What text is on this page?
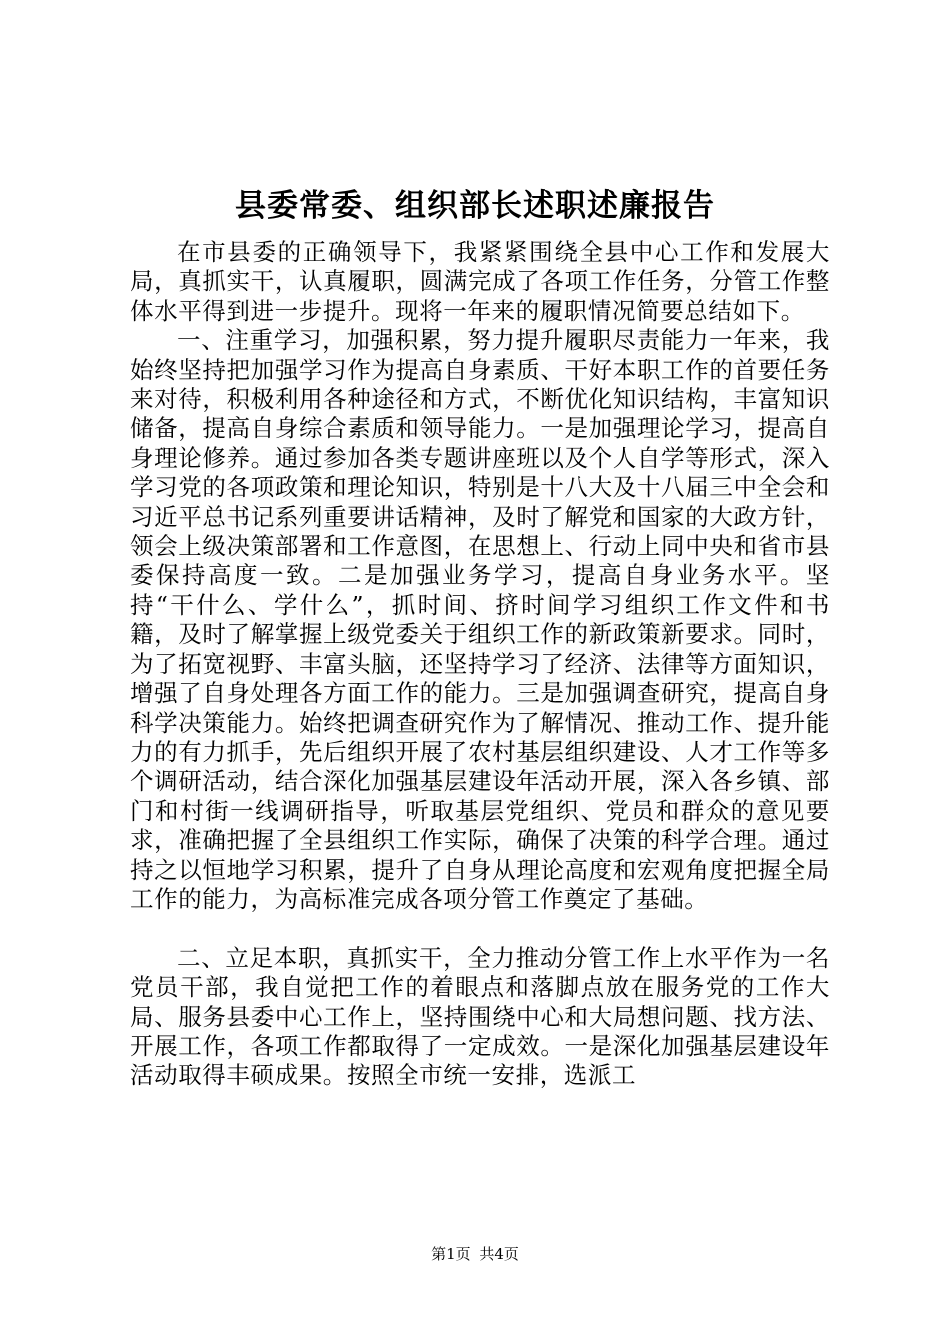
县委常委、组织部长述职述廉报告

在市县委的正确领导下，我紧紧围绕全县中心工作和发展大局，真抓实干，认真履职，圆满完成了各项工作任务，分管工作整体水平得到进一步提升。现将一年来的履职情况简要总结如下。

一、注重学习，加强积累，努力提升履职尽责能力一年来，我始终坚持把加强学习作为提高自身素质、干好本职工作的首要任务来对待，积极利用各种途径和方式，不断优化知识结构，丰富知识储备，提高自身综合素质和领导能力。一是加强理论学习，提高自身理论修养。通过参加各类专题讲座班以及个人自学等形式，深入学习党的各项政策和理论知识，特别是十八大及十八届三中全会和习近平总书记系列重要讲话精神，及时了解党和国家的大政方针，领会上级决策部署和工作意图，在思想上、行动上同中央和省市县委保持高度一致。二是加强业务学习，提高自身业务水平。坚持“干什么、学什么”，抓时间、挤时间学习组织工作文件和书籍，及时了解掌握上级党委关于组织工作的新政策新要求。同时，为了拓宽视野、丰富头脑，还坚持学习了经济、法律等方面知识，增强了自身处理各方面工作的能力。三是加强调查研究，提高自身科学决策能力。始终把调查研究作为了解情况、推动工作、提升能力的有力抓手，先后组织开展了农村基层组织建设、人才工作等多个调研活动，结合深化加强基层建设年活动开展，深入各乡镇、部门和村街一线调研指导，听取基层党组织、党员和群众的意见要求，准确把握了全县组织工作实际，确保了决策的科学合理。通过持之以恒地学习积累，提升了自身从理论高度和宏观角度把握全局工作的能力，为高标准完成各项分管工作奠定了基础。

二、立足本职，真抓实干，全力推动分管工作上水平作为一名党员干部，我自觉把工作的着眼点和落脚点放在服务党的工作大局、服务县委中心工作上，坚持围绕中心和大局想问题、找方法、开展工作，各项工作都取得了一定成效。一是深化加强基层建设年活动取得丰硕成果。按照全市统一安排，选派工

第1页 共4页
